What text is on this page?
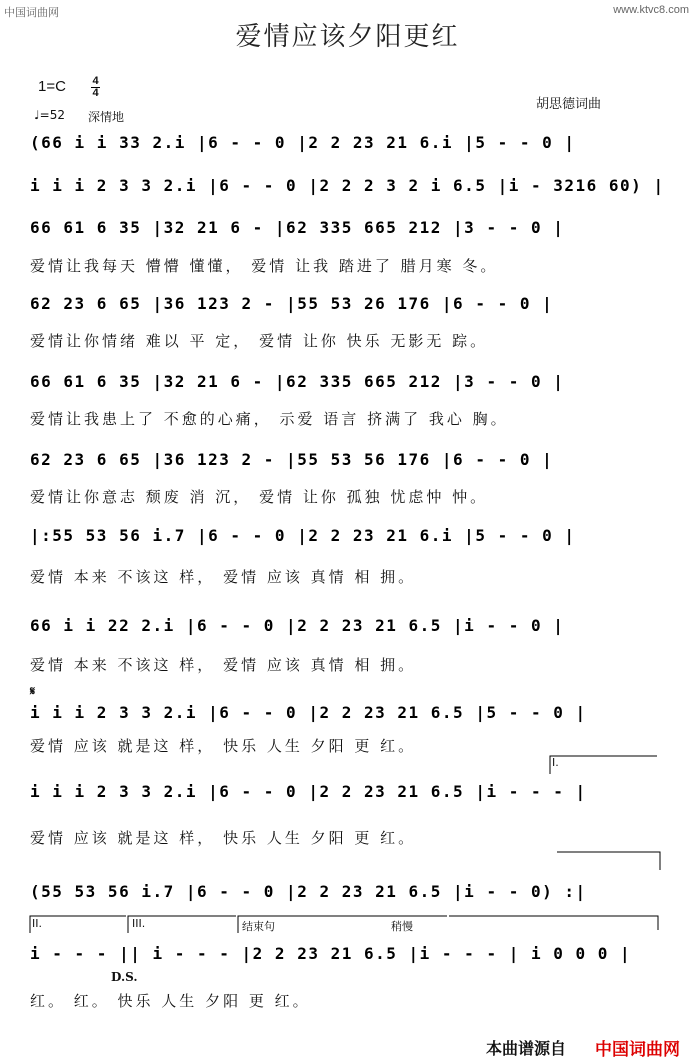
中国词曲网	www.ktvc8.com
爱情应该夕阳更红
1=C 4
4
♩=52 深情地
胡思德词曲
(66 i i 33 2.i |6 - - 0 |2 2 23 21 6.i |5 - - 0 |
i i i 2 3 3 2.i |6 - - 0 |2 2 2 3 2 i 6.5 |i - 3216 60) |
66 61 6 35 |32 21 6 - |62 335 665 212 |3 - - 0 |
爱情让我每天 懵懵 懂懂， 爱情 让我 踏进了 腊月寒 冬。
62 23 6 65 |36 123 2 - |55 53 26 176 |6 - - 0 |
爱情让你情绪 难以 平 定， 爱情 让你 快乐 无影无 踪。
66 61 6 35 |32 21 6 - |62 335 665 212 |3 - - 0 |
爱情让我患上了 不愈的心痛， 示爱 语言 挤满了 我心 胸。
62 23 6 65 |36 123 2 - |55 53 56 176 |6 - - 0 |
爱情让你意志 颓废 消 沉， 爱情 让你 孤独 忧虑忡 忡。
|:55 53 56 i.7 |6 - - 0 |2 2 23 21 6.i |5 - - 0 |
爱情 本来 不该这 样， 爱情 应该 真情 相 拥。
66 i i 22 2.i |6 - - 0 |2 2 23 21 6.5 |i - - 0 |
爱情 本来 不该这 样， 爱情 应该 真情 相 拥。
𝄋
i i i 2 3 3 2.i |6 - - 0 |2 2 23 21 6.5 |5 - - 0 |
爱情 应该 就是这 样， 快乐 人生 夕阳 更 红。
I.
i i i 2 3 3 2.i |6 - - 0 |2 2 23 21 6.5 |i - - - |
爱情 应该 就是这 样， 快乐 人生 夕阳 更 红。
(55 53 56 i.7 |6 - - 0 |2 2 23 21 6.5 |i - - 0) :|
II.	III.	结束句	稍慢
i - - - || i - - - |2 2 23 21 6.5 |i - - - | i 0 0 0 |
D.S.
红。 红。 快乐 人生 夕阳 更 红。
本曲谱源自 中国词曲网
